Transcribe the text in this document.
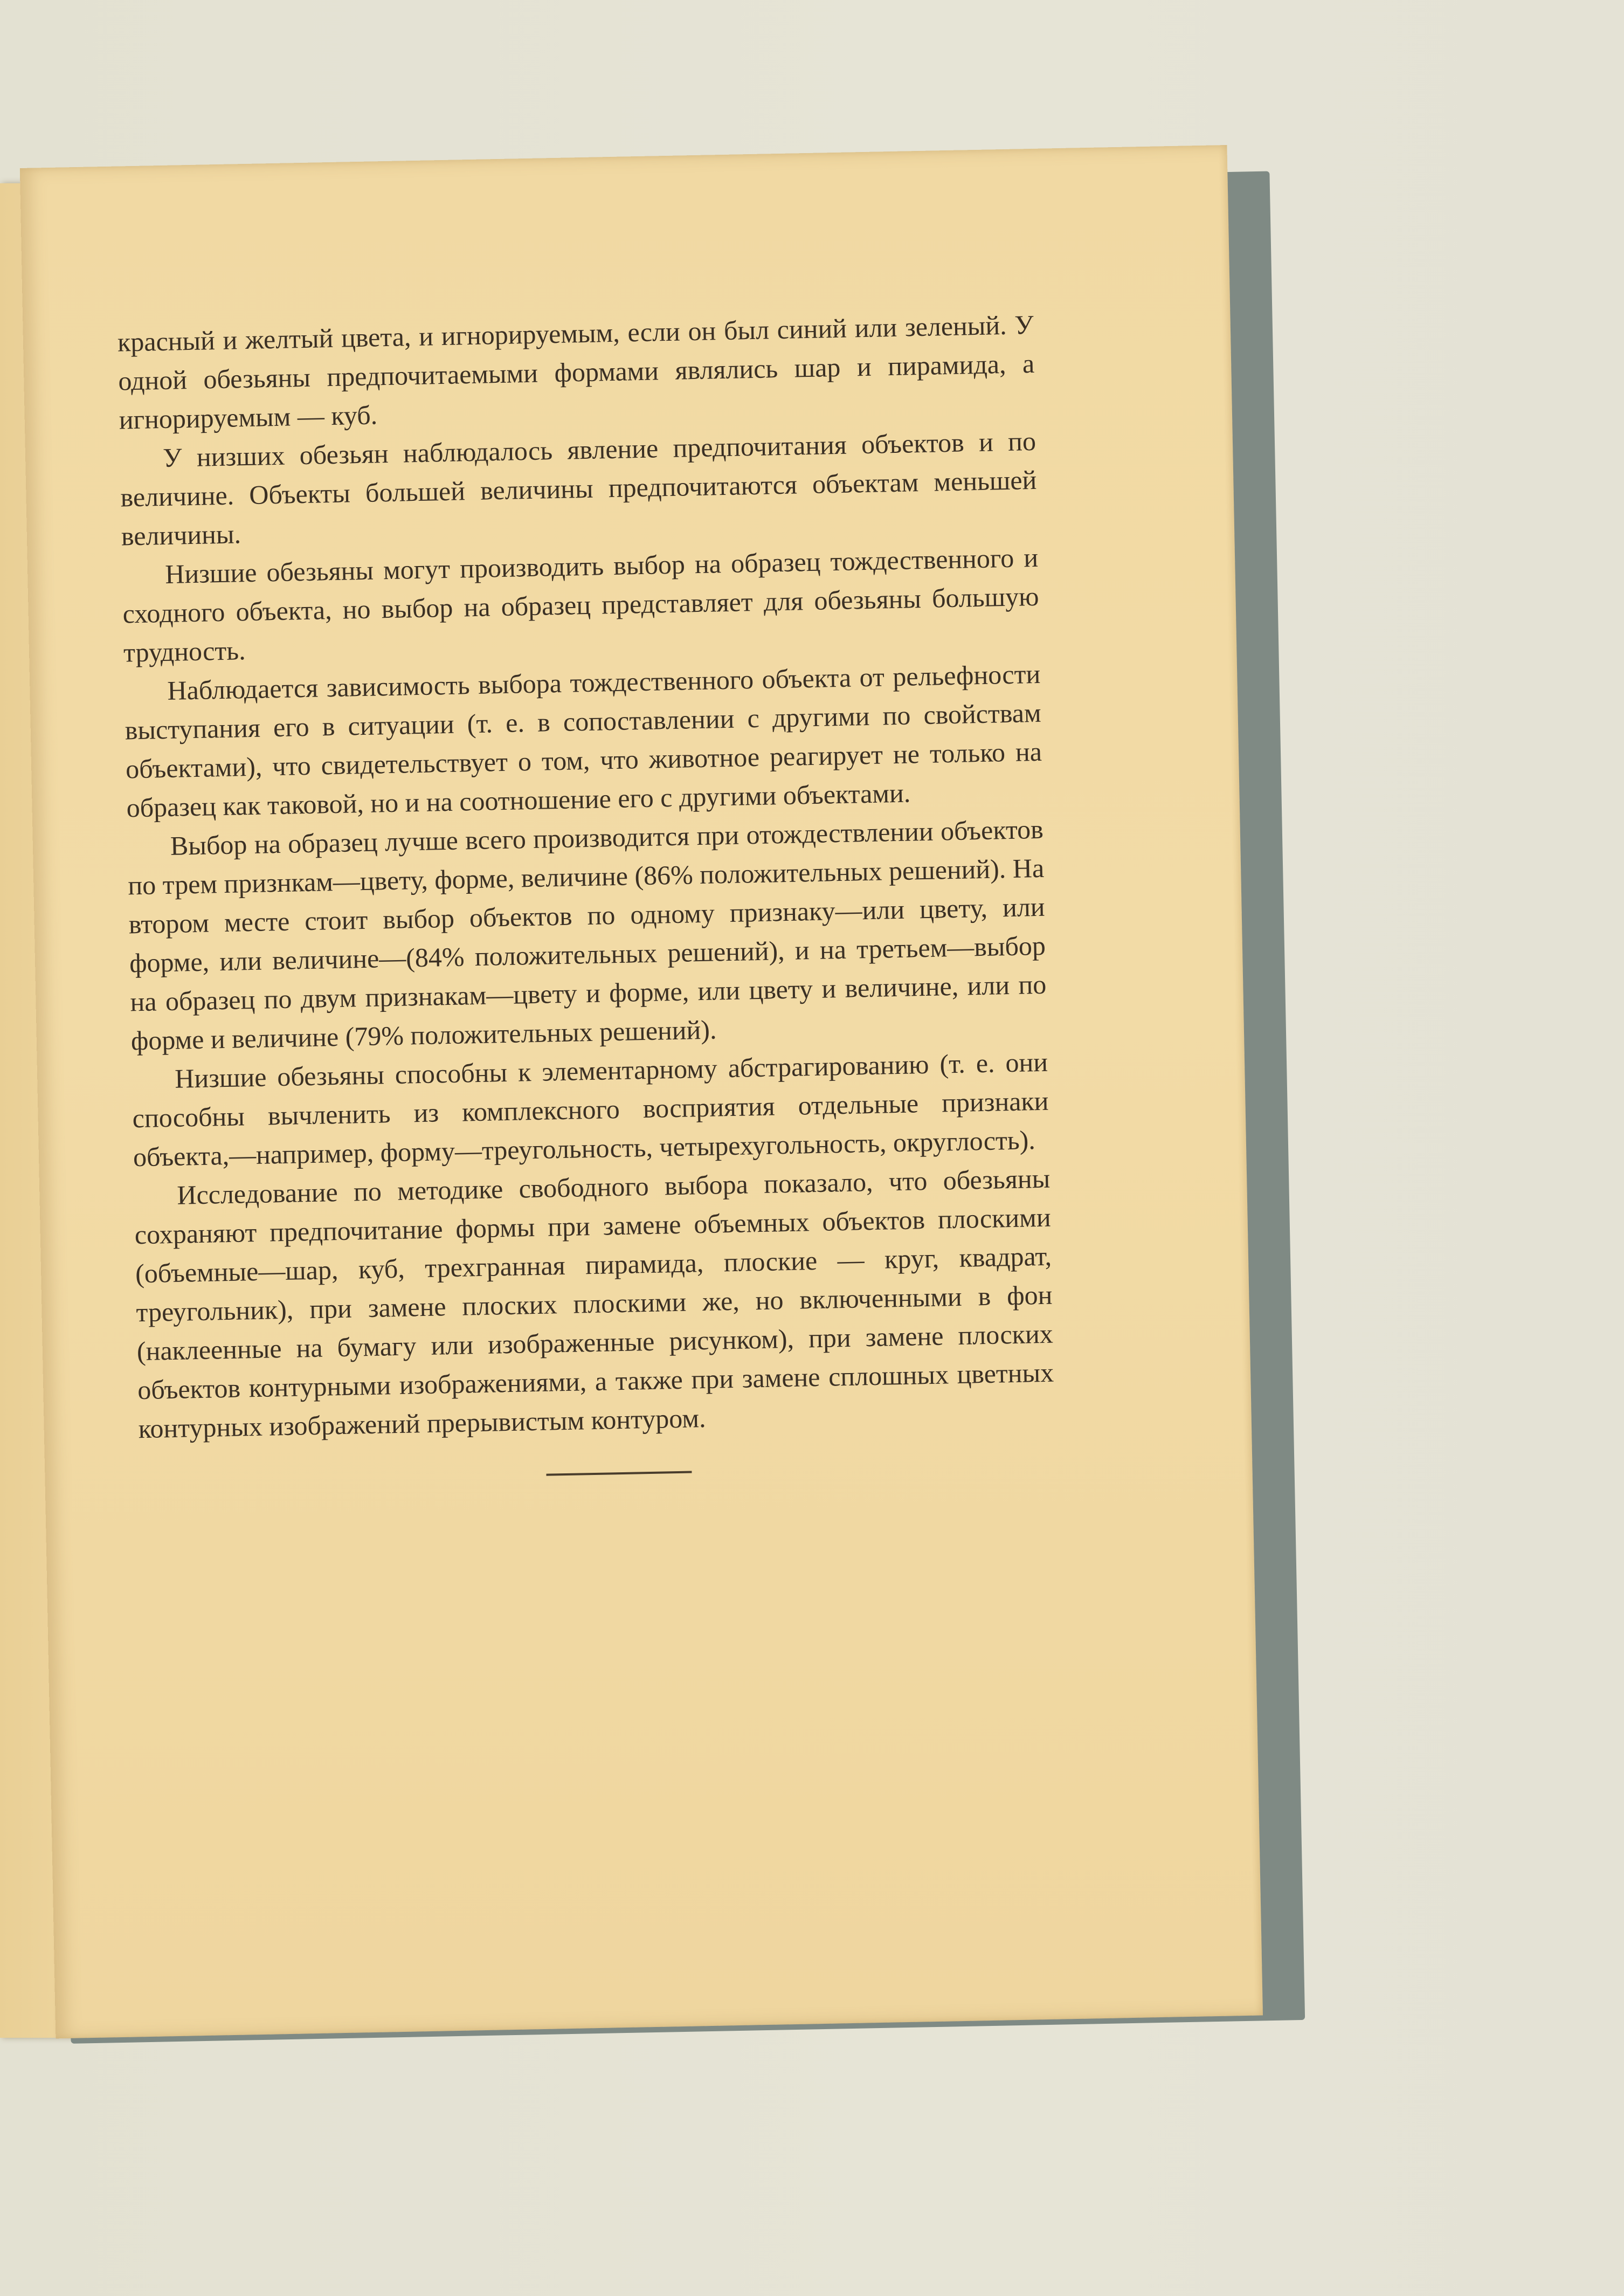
красный и желтый цвета, и игнорируемым, если он был синий или зеленый. У одной обезьяны предпочитаемыми формами являлись шар и пирамида, а игнорируемым — куб.

У низших обезьян наблюдалось явление предпочитания объектов и по величине. Объекты большей величины предпочитаются объектам меньшей величины.

Низшие обезьяны могут производить выбор на образец тождественного и сходного объекта, но выбор на образец представляет для обезьяны большую трудность.

Наблюдается зависимость выбора тождественного объекта от рельефности выступания его в ситуации (т. е. в сопоставлении с другими по свойствам объектами), что свидетельствует о том, что животное реагирует не только на образец как таковой, но и на соотношение его с другими объектами.

Выбор на образец лучше всего производится при отождествлении объектов по трем признкам—цвету, форме, величине (86% положительных решений). На втором месте стоит выбор объектов по одному признаку—или цвету, или форме, или величине—(84% положительных решений), и на третьем—выбор на образец по двум признакам—цвету и форме, или цвету и величине, или по форме и величине (79% положительных решений).

Низшие обезьяны способны к элементарному абстрагированию (т. е. они способны вычленить из комплексного восприятия отдельные признаки объекта,—например, форму—треугольность, четырехугольность, округлость).

Исследование по методике свободного выбора показало, что обезьяны сохраняют предпочитание формы при замене объемных объектов плоскими (объемные—шар, куб, трехгранная пирамида, плоские — круг, квадрат, треугольник), при замене плоских плоскими же, но включенными в фон (наклеенные на бумагу или изображенные рисунком), при замене плоских объектов контурными изображениями, а также при замене сплошных цветных контурных изображений прерывистым контуром.
